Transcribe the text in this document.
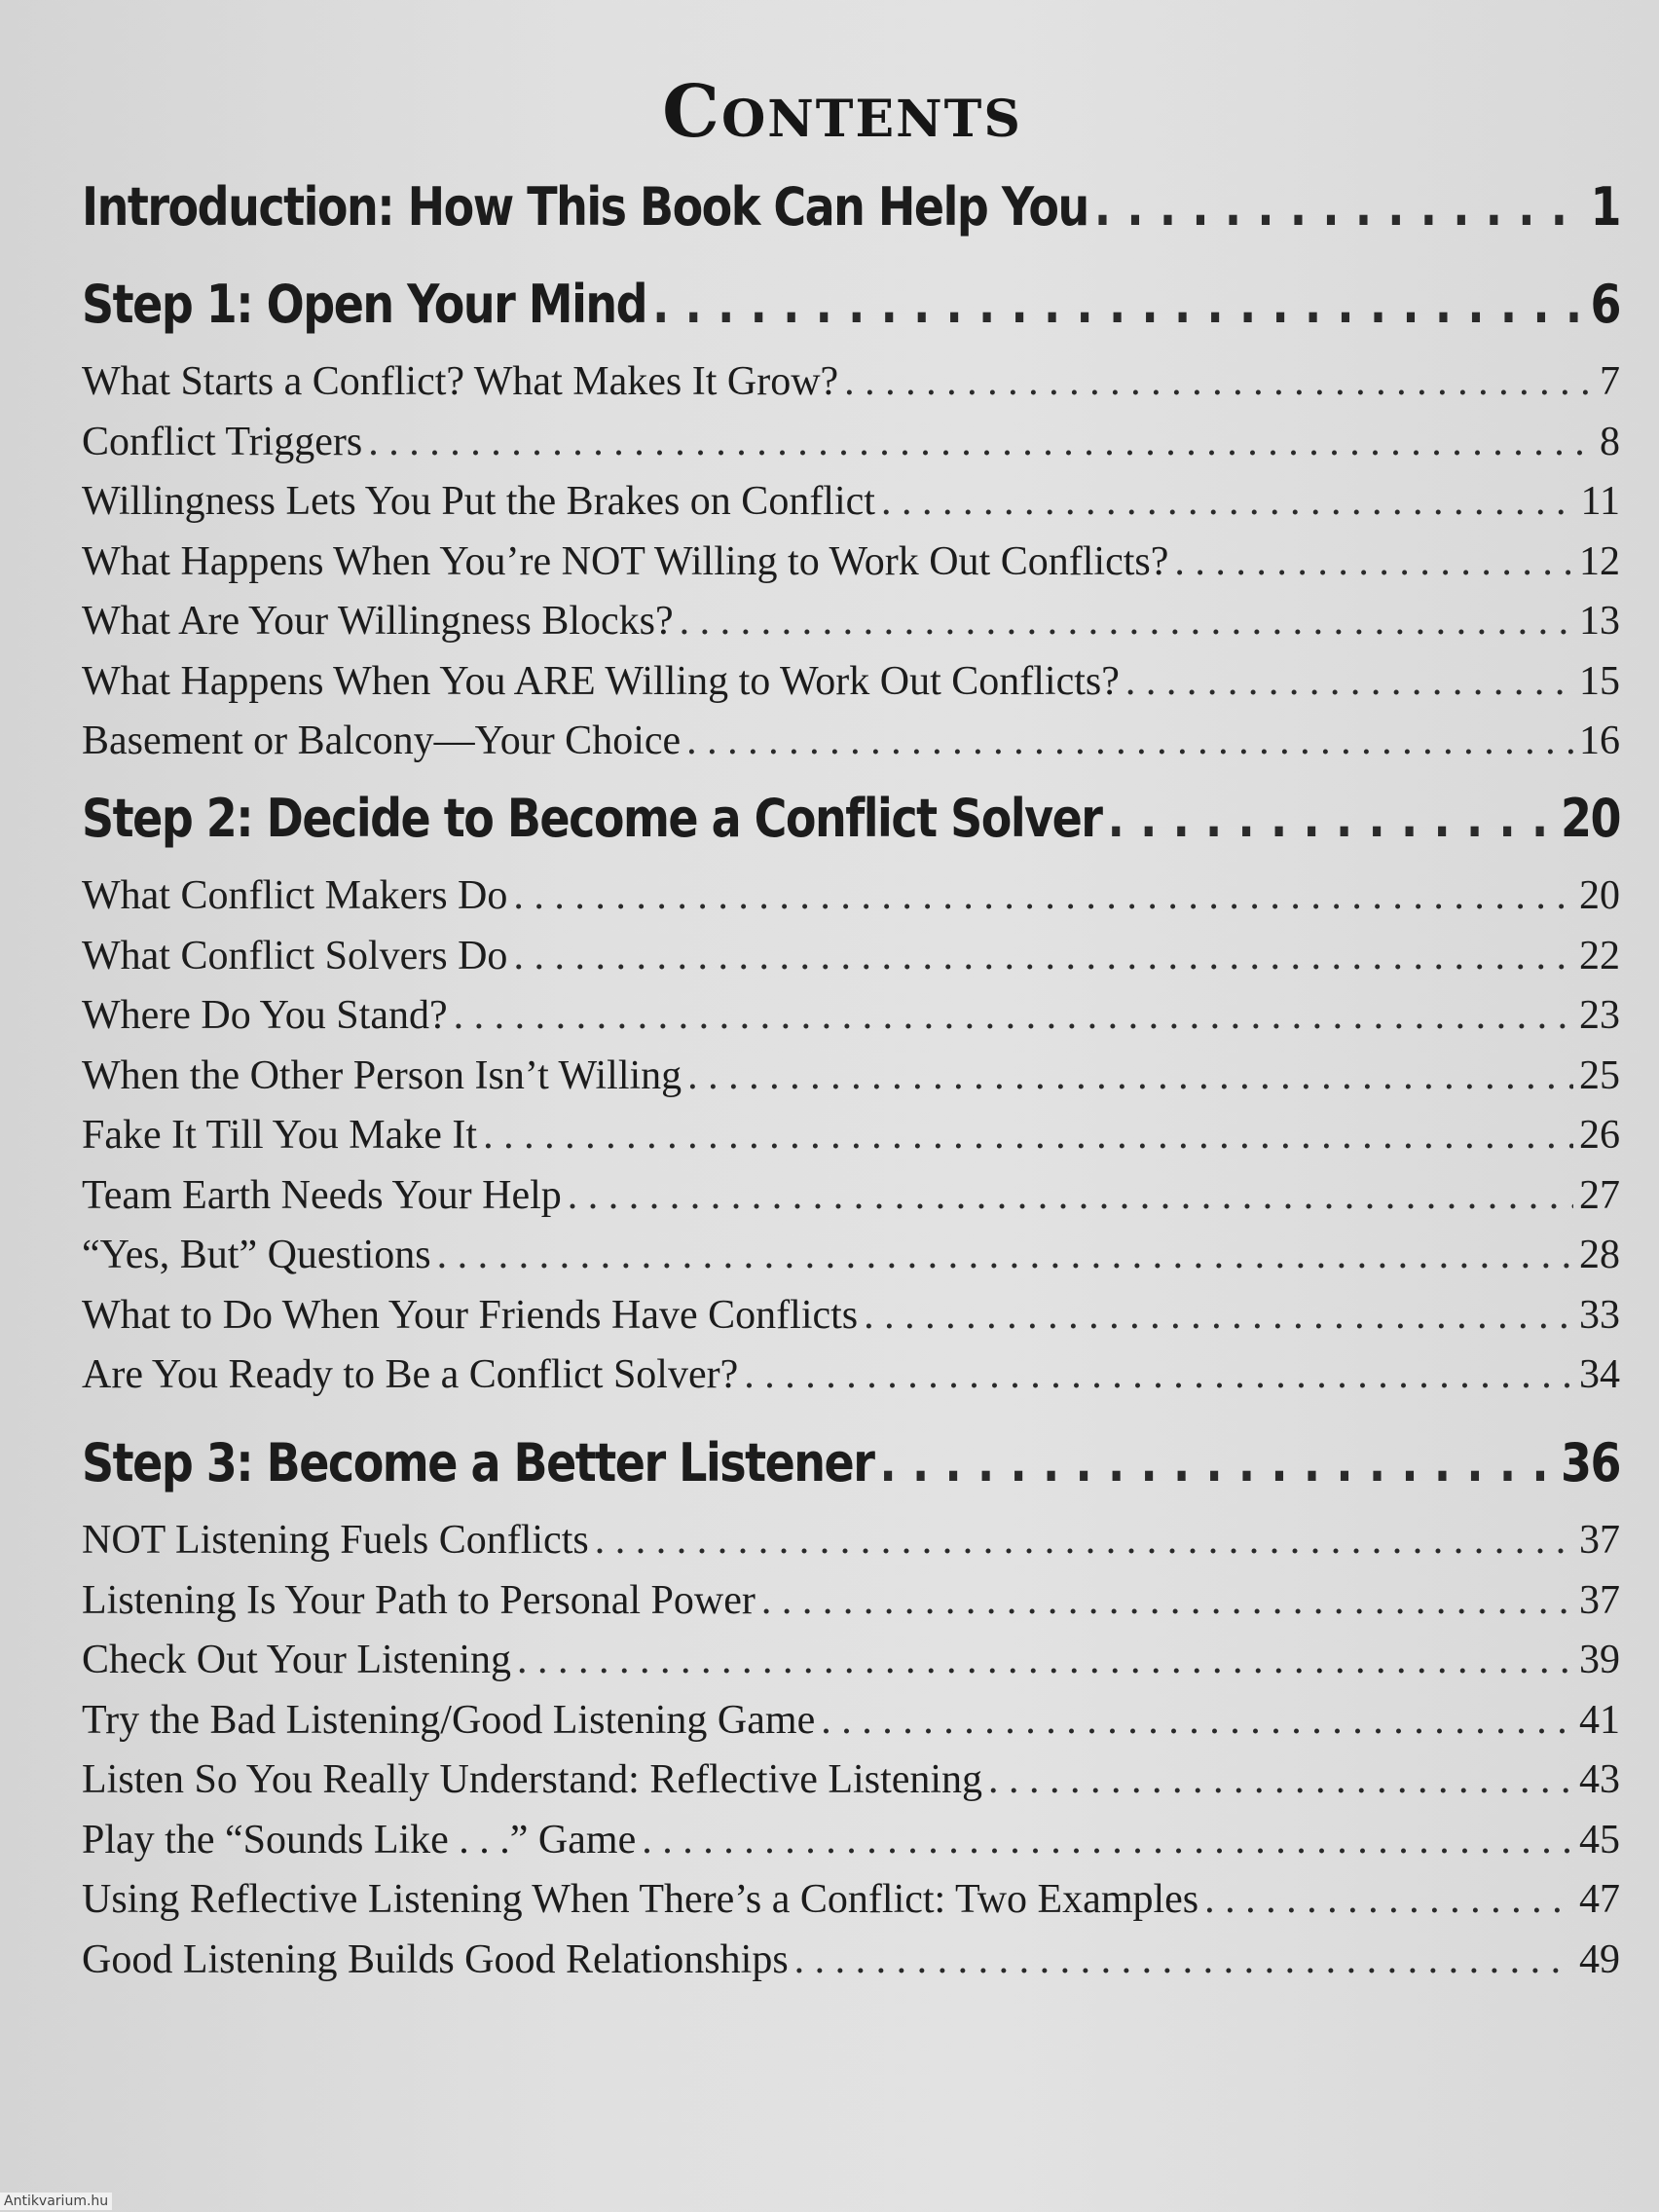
Contents
Introduction: How This Book Can Help You . . .	1
Step 1: Open Your Mind . . .	6
What Starts a Conflict? What Makes It Grow? . . .	7
Conflict Triggers . . .	8
Willingness Lets You Put the Brakes on Conflict . . .	11
What Happens When You’re NOT Willing to Work Out Conflicts? . . .	12
What Are Your Willingness Blocks? . . .	13
What Happens When You ARE Willing to Work Out Conflicts? . . .	15
Basement or Balcony—Your Choice . . .	16
Step 2: Decide to Become a Conflict Solver . . .	20
What Conflict Makers Do . . .	20
What Conflict Solvers Do . . .	22
Where Do You Stand? . . .	23
When the Other Person Isn’t Willing . . .	25
Fake It Till You Make It . . .	26
Team Earth Needs Your Help . . .	27
“Yes, But” Questions . . .	28
What to Do When Your Friends Have Conflicts . . .	33
Are You Ready to Be a Conflict Solver? . . .	34
Step 3: Become a Better Listener . . .	36
NOT Listening Fuels Conflicts . . .	37
Listening Is Your Path to Personal Power . . .	37
Check Out Your Listening . . .	39
Try the Bad Listening/Good Listening Game . . .	41
Listen So You Really Understand: Reflective Listening . . .	43
Play the “Sounds Like . . .” Game . . .	45
Using Reflective Listening When There’s a Conflict: Two Examples . . .	47
Good Listening Builds Good Relationships . . .	49
Antikvarium.hu
